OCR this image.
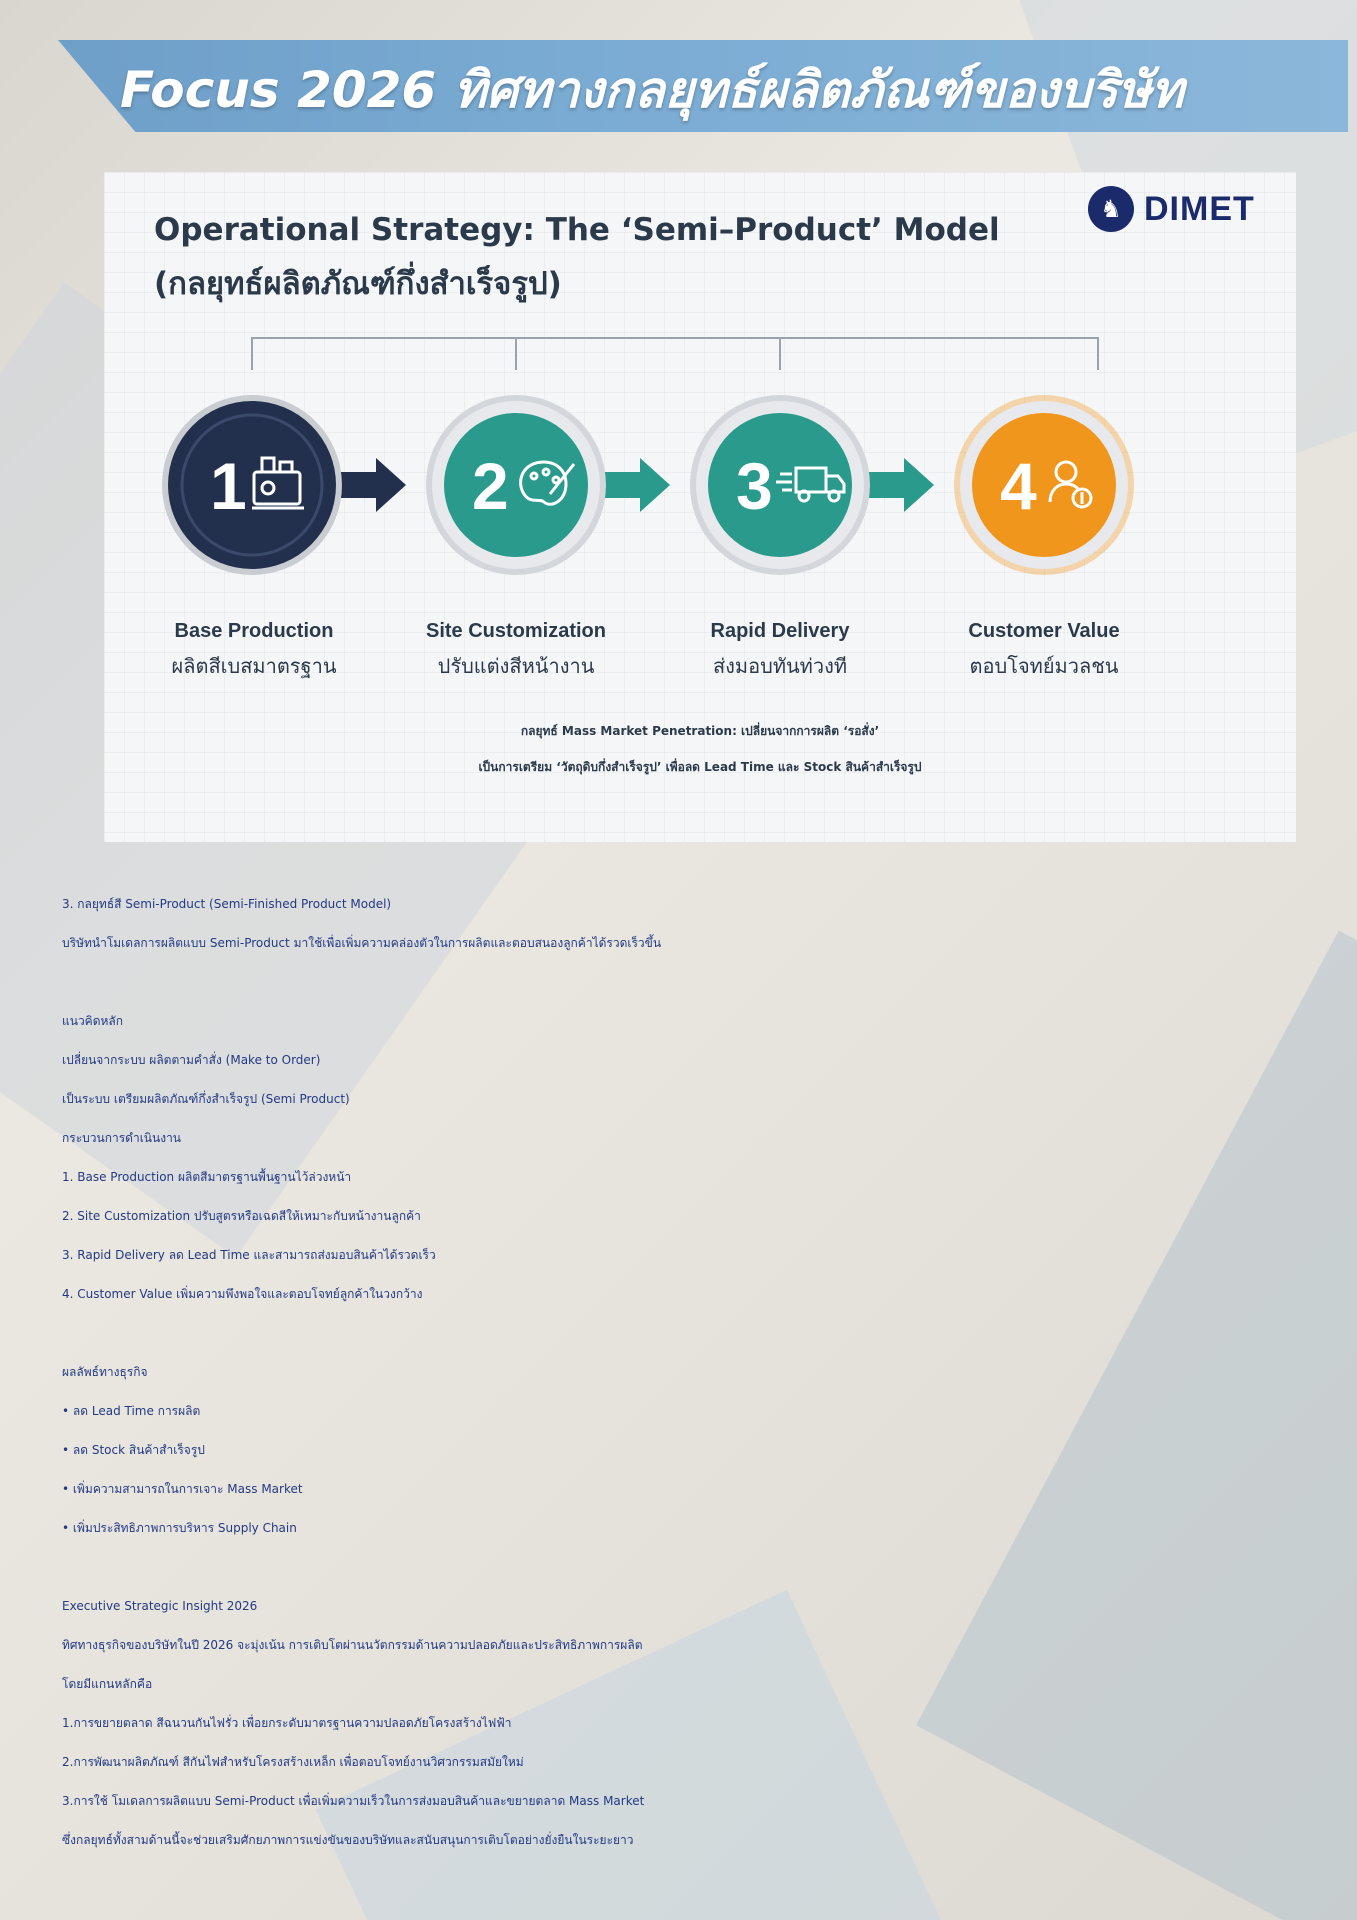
Focus 2026 ทิศทางกลยุทธ์ผลิตภัณฑ์ของบริษัท
Operational Strategy: The ‘Semi–Product’ Model
(กลยุทธ์ผลิตภัณฑ์กึ่งสำเร็จรูป)
♞ DIMET
1	2	3	4
Base Production
ผลิตสีเบสมาตรฐาน
Site Customization
ปรับแต่งสีหน้างาน
Rapid Delivery
ส่งมอบทันท่วงที
Customer Value
ตอบโจทย์มวลชน
กลยุทธ์ Mass Market Penetration: เปลี่ยนจากการผลิต ‘รอสั่ง’
เป็นการเตรียม ‘วัตถุดิบกึ่งสำเร็จรูป’ เพื่อลด Lead Time และ Stock สินค้าสำเร็จรูป
3. กลยุทธ์สี Semi-Product (Semi-Finished Product Model)
บริษัทนำโมเดลการผลิตแบบ Semi-Product มาใช้เพื่อเพิ่มความคล่องตัวในการผลิตและตอบสนองลูกค้าได้รวดเร็วขึ้น
แนวคิดหลัก
เปลี่ยนจากระบบ ผลิตตามคำสั่ง (Make to Order)
เป็นระบบ เตรียมผลิตภัณฑ์กึ่งสำเร็จรูป (Semi Product)
กระบวนการดำเนินงาน
1. Base Production ผลิตสีมาตรฐานพื้นฐานไว้ล่วงหน้า
2. Site Customization ปรับสูตรหรือเฉดสีให้เหมาะกับหน้างานลูกค้า
3. Rapid Delivery ลด Lead Time และสามารถส่งมอบสินค้าได้รวดเร็ว
4. Customer Value เพิ่มความพึงพอใจและตอบโจทย์ลูกค้าในวงกว้าง
ผลลัพธ์ทางธุรกิจ
• ลด Lead Time การผลิต
• ลด Stock สินค้าสำเร็จรูป
• เพิ่มความสามารถในการเจาะ Mass Market
• เพิ่มประสิทธิภาพการบริหาร Supply Chain
Executive Strategic Insight 2026
ทิศทางธุรกิจของบริษัทในปี 2026 จะมุ่งเน้น การเติบโตผ่านนวัตกรรมด้านความปลอดภัยและประสิทธิภาพการผลิต
โดยมีแกนหลักคือ
1.การขยายตลาด สีฉนวนกันไฟรั่ว เพื่อยกระดับมาตรฐานความปลอดภัยโครงสร้างไฟฟ้า
2.การพัฒนาผลิตภัณฑ์ สีกันไฟสำหรับโครงสร้างเหล็ก เพื่อตอบโจทย์งานวิศวกรรมสมัยใหม่
3.การใช้ โมเดลการผลิตแบบ Semi-Product เพื่อเพิ่มความเร็วในการส่งมอบสินค้าและขยายตลาด Mass Market
ซึ่งกลยุทธ์ทั้งสามด้านนี้จะช่วยเสริมศักยภาพการแข่งขันของบริษัทและสนับสนุนการเติบโตอย่างยั่งยืนในระยะยาว
